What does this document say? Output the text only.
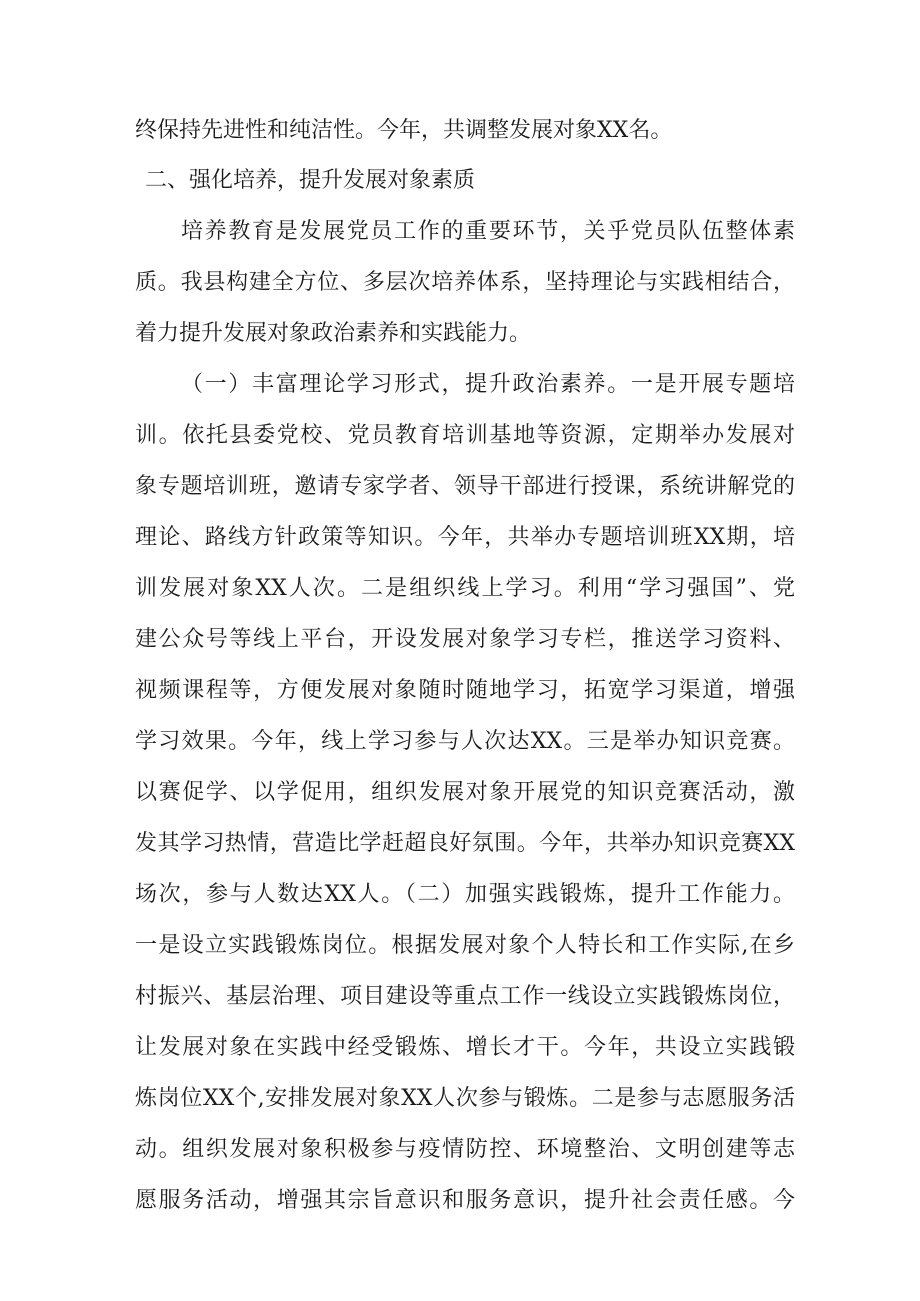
终保持先进性和纯洁性。今年，共调整发展对象XX名。
二、强化培养，提升发展对象素质
培养教育是发展党员工作的重要环节，关乎党员队伍整体素
质。我县构建全方位、多层次培养体系，坚持理论与实践相结合，
着力提升发展对象政治素养和实践能力。
（一）丰富理论学习形式，提升政治素养。一是开展专题培
训。依托县委党校、党员教育培训基地等资源，定期举办发展对
象专题培训班，邀请专家学者、领导干部进行授课，系统讲解党的
理论、路线方针政策等知识。今年，共举办专题培训班XX期，培
训发展对象XX人次。二是组织线上学习。利用“学习强国”、党
建公众号等线上平台，开设发展对象学习专栏，推送学习资料、
视频课程等，方便发展对象随时随地学习，拓宽学习渠道，增强
学习效果。今年，线上学习参与人次达XX。三是举办知识竞赛。
以赛促学、以学促用，组织发展对象开展党的知识竞赛活动，激
发其学习热情，营造比学赶超良好氛围。今年，共举办知识竞赛XX
场次，参与人数达XX人。（二）加强实践锻炼，提升工作能力。
一是设立实践锻炼岗位。根据发展对象个人特长和工作实际,在乡
村振兴、基层治理、项目建设等重点工作一线设立实践锻炼岗位，
让发展对象在实践中经受锻炼、增长才干。今年，共设立实践锻
炼岗位XX个,安排发展对象XX人次参与锻炼。二是参与志愿服务活
动。组织发展对象积极参与疫情防控、环境整治、文明创建等志
愿服务活动，增强其宗旨意识和服务意识，提升社会责任感。今
